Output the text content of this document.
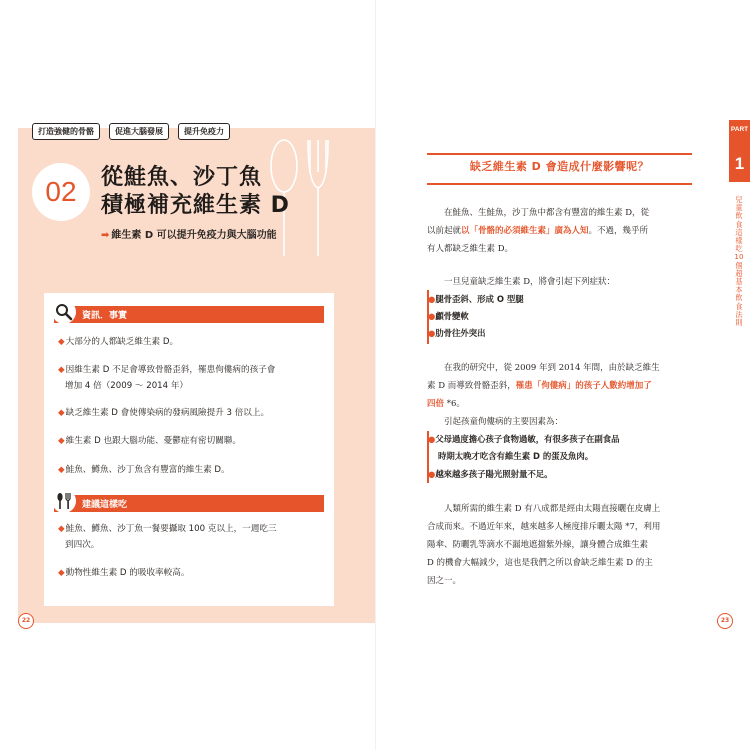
打造強健的骨骼	促進大腦發展	提升免疫力
02	從鮭魚、沙丁魚
積極補充維生素 D
➡ 維生素 D 可以提升免疫力與大腦功能
資訊．事實
◆大部分的人都缺乏維生素 D。
◆因維生素 D 不足會導致骨骼歪斜，罹患佝僂病的孩子會
增加 4 倍（2009 ～ 2014 年）
◆缺乏維生素 D 會使傳染病的發病風險提升 3 倍以上。
◆維生素 D 也跟大腦功能、憂鬱症有密切關聯。
◆鮭魚、鱒魚、沙丁魚含有豐富的維生素 D。
建議這樣吃
◆鮭魚、鱒魚、沙丁魚一餐要攝取 100 克以上，一週吃三
到四次。
◆動物性維生素 D 的吸收率較高。
22
缺乏維生素 D 會造成什麼影響呢？
在鮭魚、生鮭魚，沙丁魚中都含有豐富的維生素 D，從
以前起就以「骨骼的必須維生素」廣為人知。不過，幾乎所
有人都缺乏維生素 D。
一旦兒童缺乏維生素 D，將會引起下列症狀：
●腿骨歪斜、形成 O 型腿
●顱骨變軟
●肋骨往外突出
在我的研究中，從 2009 年到 2014 年間，由於缺乏維生
素 D 而導致骨骼歪斜，罹患「佝僂病」的孩子人數約增加了
四倍 *6。
引起孩童佝僂病的主要因素為：
●父母過度擔心孩子食物過敏，有很多孩子在副食品
時期太晚才吃含有維生素 D 的蛋及魚肉。
●越來越多孩子陽光照射量不足。
人類所需的維生素 D 有八成都是經由太陽直接曬在皮膚上
合成而來。不過近年來，越來越多人極度排斥曬太陽 *7，利用
陽傘、防曬乳等滴水不漏地遮擋紫外線，讓身體合成維生素
D 的機會大幅減少，這也是我們之所以會缺乏維生素 D 的主
因之一。
PART
1
兒童飲食這樣吃 10個超基本飲食法則
23
